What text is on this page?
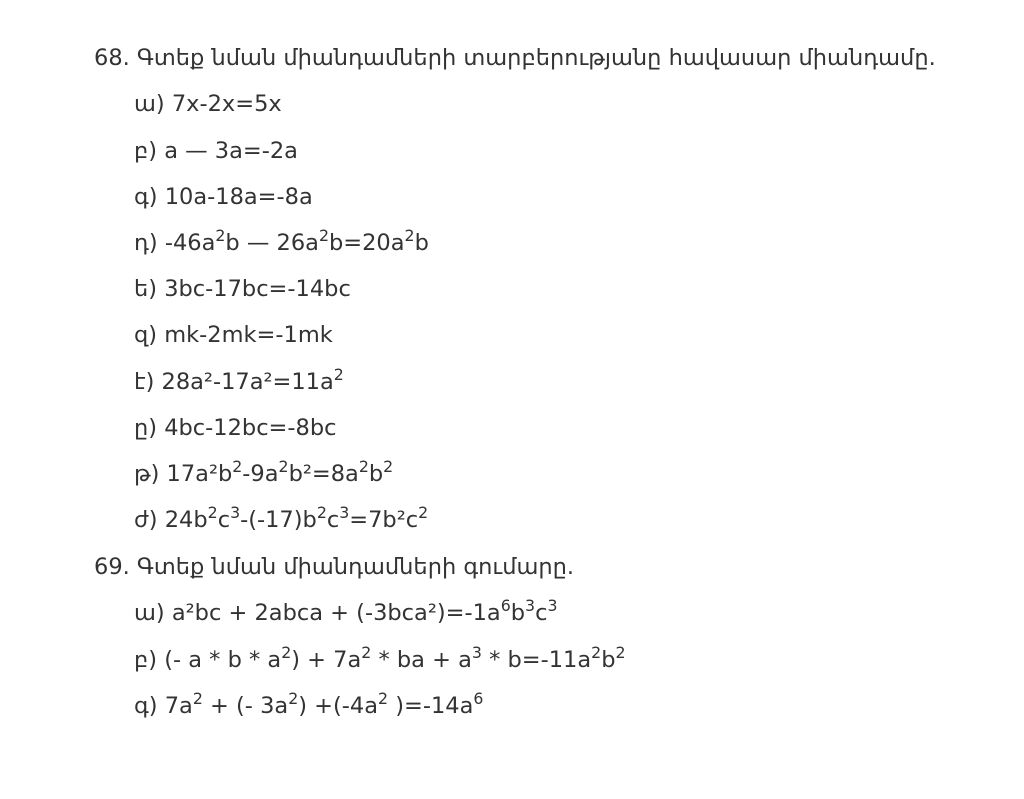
68. Գտեք նման միանդամների տարբերությանը հավասար միանդամը.
ա) 7x-2x=5x
բ) a — 3a=-2a
գ) 10a-18a=-8a
դ) $-46a^2b$ — $26a^2b=20a^2b$
ե) 3bc-17bc=-14bc
զ) mk-2mk=-1mk
է) $28a^2-17a^2=11a^2$
ը) 4bc-12bc=-8bc
թ) $17a^2b^2-9a^2b^2=8a^2b^2$
ժ) $24b^2c^3-(-17)b^2c^3=7b^2c^2$
69. Գտեք նման միանդամների գումարը.
ա) a²bc + 2abca + $(-3bca^2)=-1a^6b^3c^3$
բ) (- $a * b * a^2) + 7a^2$ * ba + $a^3 * b=-11a^2b^2$
գ) $7a^2$ + (- $3a^2) +(-4a^2$ )$=-14a^6$
